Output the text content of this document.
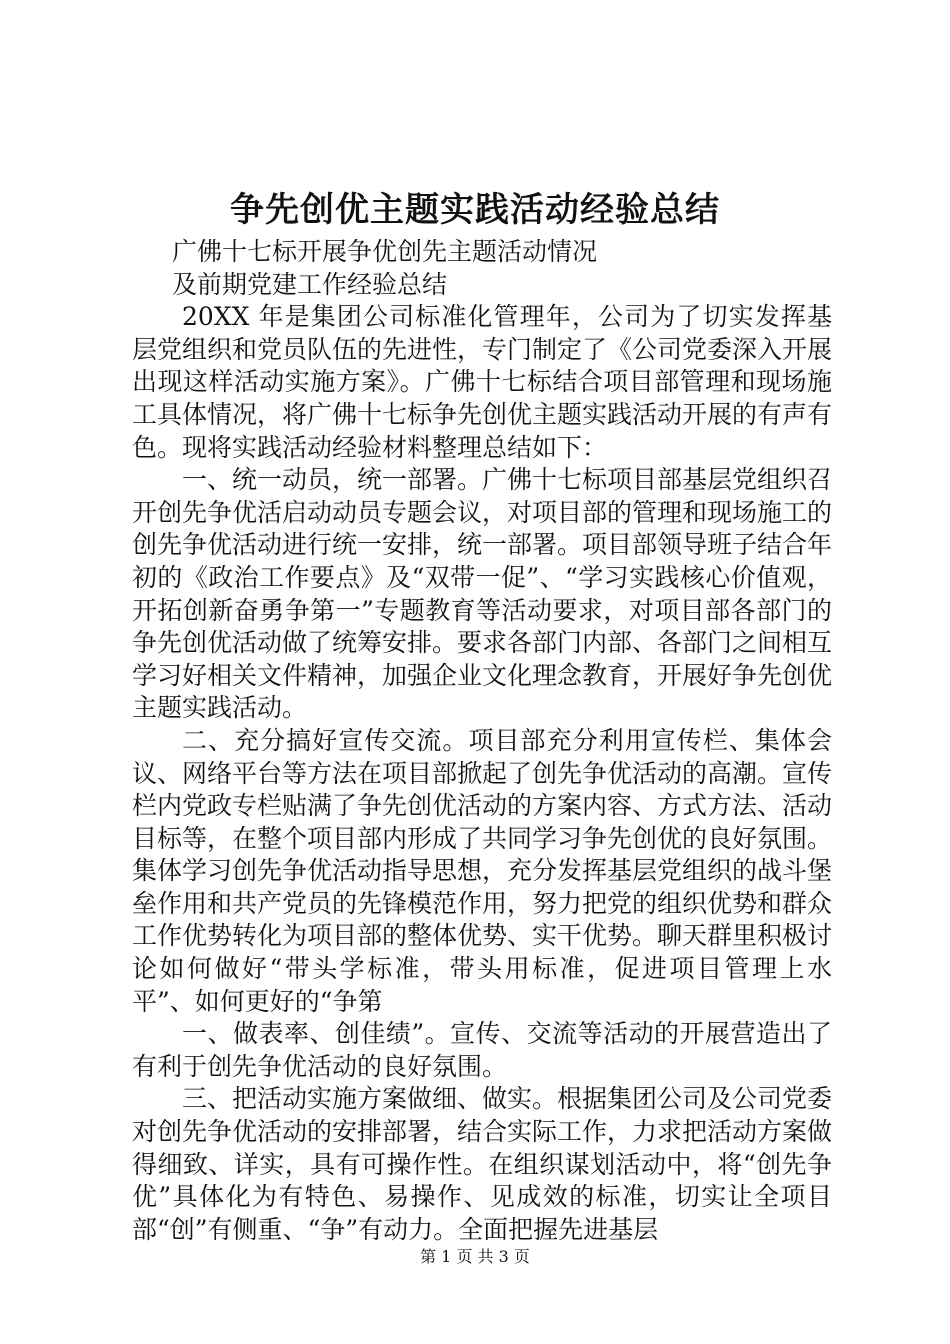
争先创优主题实践活动经验总结

广佛十七标开展争优创先主题活动情况

及前期党建工作经验总结

20XX 年是集团公司标准化管理年，公司为了切实发挥基层党组织和党员队伍的先进性，专门制定了《公司党委深入开展出现这样活动实施方案》。广佛十七标结合项目部管理和现场施工具体情况，将广佛十七标争先创优主题实践活动开展的有声有色。现将实践活动经验材料整理总结如下：

一、统一动员，统一部署。广佛十七标项目部基层党组织召开创先争优活启动动员专题会议，对项目部的管理和现场施工的创先争优活动进行统一安排，统一部署。项目部领导班子结合年初的《政治工作要点》及“双带一促”、“学习实践核心价值观，开拓创新奋勇争第一”专题教育等活动要求，对项目部各部门的争先创优活动做了统筹安排。要求各部门内部、各部门之间相互学习好相关文件精神，加强企业文化理念教育，开展好争先创优主题实践活动。

二、充分搞好宣传交流。项目部充分利用宣传栏、集体会议、网络平台等方法在项目部掀起了创先争优活动的高潮。宣传栏内党政专栏贴满了争先创优活动的方案内容、方式方法、活动目标等，在整个项目部内形成了共同学习争先创优的良好氛围。集体学习创先争优活动指导思想，充分发挥基层党组织的战斗堡垒作用和共产党员的先锋模范作用，努力把党的组织优势和群众工作优势转化为项目部的整体优势、实干优势。聊天群里积极讨论如何做好“带头学标准，带头用标准，促进项目管理上水平”、如何更好的“争第

一、做表率、创佳绩”。宣传、交流等活动的开展营造出了有利于创先争优活动的良好氛围。

三、把活动实施方案做细、做实。根据集团公司及公司党委对创先争优活动的安排部署，结合实际工作，力求把活动方案做得细致、详实，具有可操作性。在组织谋划活动中，将“创先争优”具体化为有特色、易操作、见成效的标准，切实让全项目部“创”有侧重、“争”有动力。全面把握先进基层

第 1 页 共 3 页
